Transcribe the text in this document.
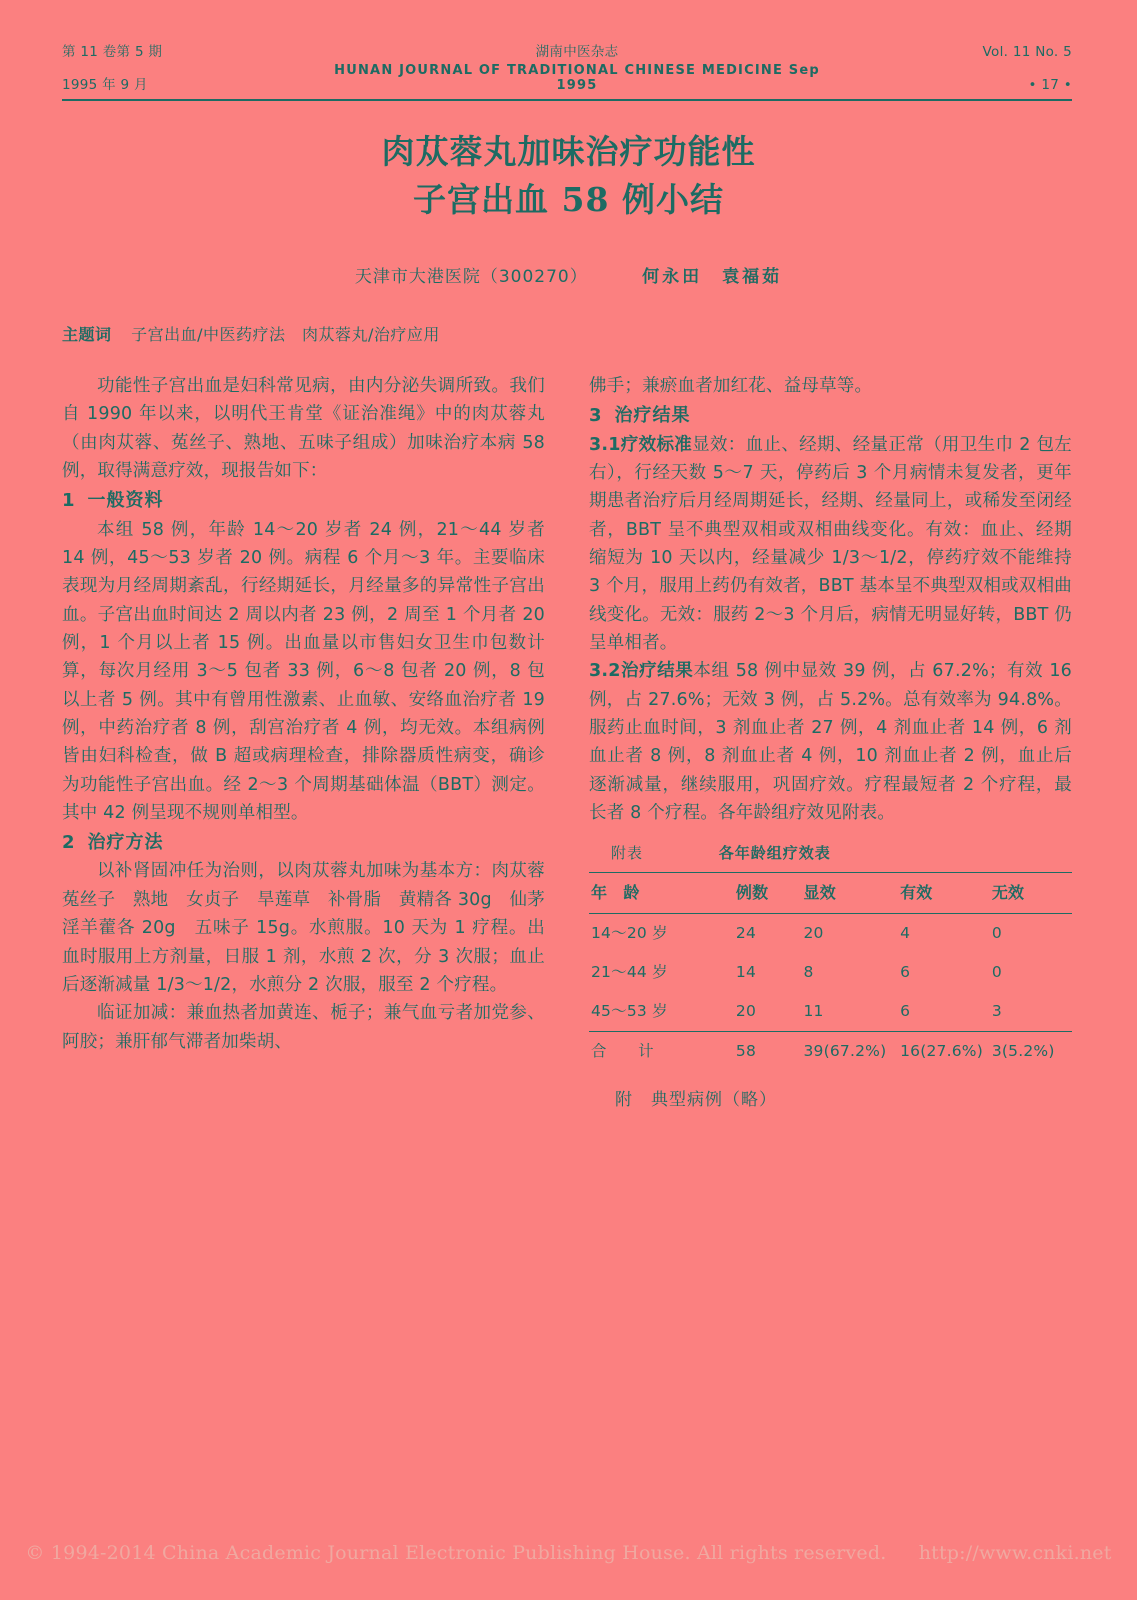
第 11 卷第 5 期	湖南中医杂志	Vol. 11 No. 5
1995 年 9 月
HUNAN JOURNAL OF TRADITIONAL CHINESE MEDICINE Sep 1995	• 17 •
肉苁蓉丸加味治疗功能性
子宫出血 58 例小结
天津市大港医院（300270）	何永田　袁福茹
主题词 子宫出血/中医药疗法　肉苁蓉丸/治疗应用

功能性子宫出血是妇科常见病，由内分泌失调所致。我们自 1990 年以来，以明代王肯堂《证治准绳》中的肉苁蓉丸（由肉苁蓉、菟丝子、熟地、五味子组成）加味治疗本病 58 例，取得满意疗效，现报告如下：

1 一般资料

本组 58 例，年龄 14～20 岁者 24 例，21～44 岁者 14 例，45～53 岁者 20 例。病程 6 个月～3 年。主要临床表现为月经周期紊乱，行经期延长，月经量多的异常性子宫出血。子宫出血时间达 2 周以内者 23 例，2 周至 1 个月者 20 例，1 个月以上者 15 例。出血量以市售妇女卫生巾包数计算，每次月经用 3～5 包者 33 例，6～8 包者 20 例，8 包以上者 5 例。其中有曾用性激素、止血敏、安络血治疗者 19 例，中药治疗者 8 例，刮宫治疗者 4 例，均无效。本组病例皆由妇科检查，做 B 超或病理检查，排除器质性病变，确诊为功能性子宫出血。经 2～3 个周期基础体温（BBT）测定。其中 42 例呈现不规则单相型。

2 治疗方法

以补肾固冲任为治则，以肉苁蓉丸加味为基本方：肉苁蓉　菟丝子　熟地　女贞子　旱莲草　补骨脂　黄精各 30g　仙茅　淫羊藿各 20g　五味子 15g。水煎服。10 天为 1 疗程。出血时服用上方剂量，日服 1 剂，水煎 2 次，分 3 次服；血止后逐渐减量 1/3～1/2，水煎分 2 次服，服至 2 个疗程。

临证加减：兼血热者加黄连、栀子；兼气血亏者加党参、阿胶；兼肝郁气滞者加柴胡、

佛手；兼瘀血者加红花、益母草等。

3 治疗结果

3.1疗效标准显效：血止、经期、经量正常（用卫生巾 2 包左右），行经天数 5～7 天，停药后 3 个月病情未复发者，更年期患者治疗后月经周期延长，经期、经量同上，或稀发至闭经者，BBT 呈不典型双相或双相曲线变化。有效：血止、经期缩短为 10 天以内，经量减少 1/3～1/2，停药疗效不能维持 3 个月，服用上药仍有效者，BBT 基本呈不典型双相或双相曲线变化。无效：服药 2～3 个月后，病情无明显好转，BBT 仍呈单相者。

3.2治疗结果本组 58 例中显效 39 例，占 67.2%；有效 16 例，占 27.6%；无效 3 例，占 5.2%。总有效率为 94.8%。服药止血时间，3 剂血止者 27 例，4 剂血止者 14 例，6 剂血止者 8 例，8 剂血止者 4 例，10 剂血止者 2 例，血止后逐渐减量，继续服用，巩固疗效。疗程最短者 2 个疗程，最长者 8 个疗程。各年龄组疗效见附表。

附表	各年龄组疗效表
年　龄	例数	显效	有效	无效
14～20 岁	24	20	4	0
21～44 岁	14	8	6	0
45～53 岁	20	11	6	3
合　　计	58	39(67.2%)	16(27.6%)	3(5.2%)
附 典型病例（略）
© 1994-2014 China Academic Journal Electronic Publishing House. All rights reserved. http://www.cnki.net
